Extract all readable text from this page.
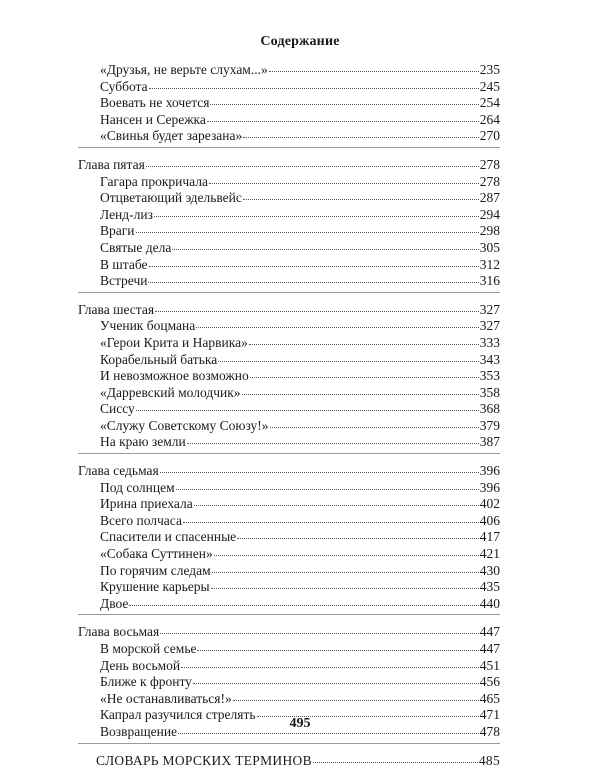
Содержание
«Друзья, не верьте слухам...»	235
Суббота	245
Воевать не хочется	254
Нансен и Сережка	264
«Свинья будет зарезана»	270
Глава пятая	278
Гагара прокричала	278
Отцветающий эдельвейс	287
Ленд-лиз	294
Враги	298
Святые дела	305
В штабе	312
Встречи	316
Глава шестая	327
Ученик боцмана	327
«Герои Крита и Нарвика»	333
Корабельный батька	343
И невозможное возможно	353
«Дарревский молодчик»	358
Сиссу	368
«Служу Советскому Союзу!»	379
На краю земли	387
Глава седьмая	396
Под солнцем	396
Ирина приехала	402
Всего полчаса	406
Спасители и спасенные	417
«Собака Суттинен»	421
По горячим следам	430
Крушение карьеры	435
Двое	440
Глава восьмая	447
В морской семье	447
День восьмой	451
Ближе к фронту	456
«Не останавливаться!»	465
Капрал разучился стрелять	471
Возвращение	478
СЛОВАРЬ МОРСКИХ ТЕРМИНОВ	485
495
